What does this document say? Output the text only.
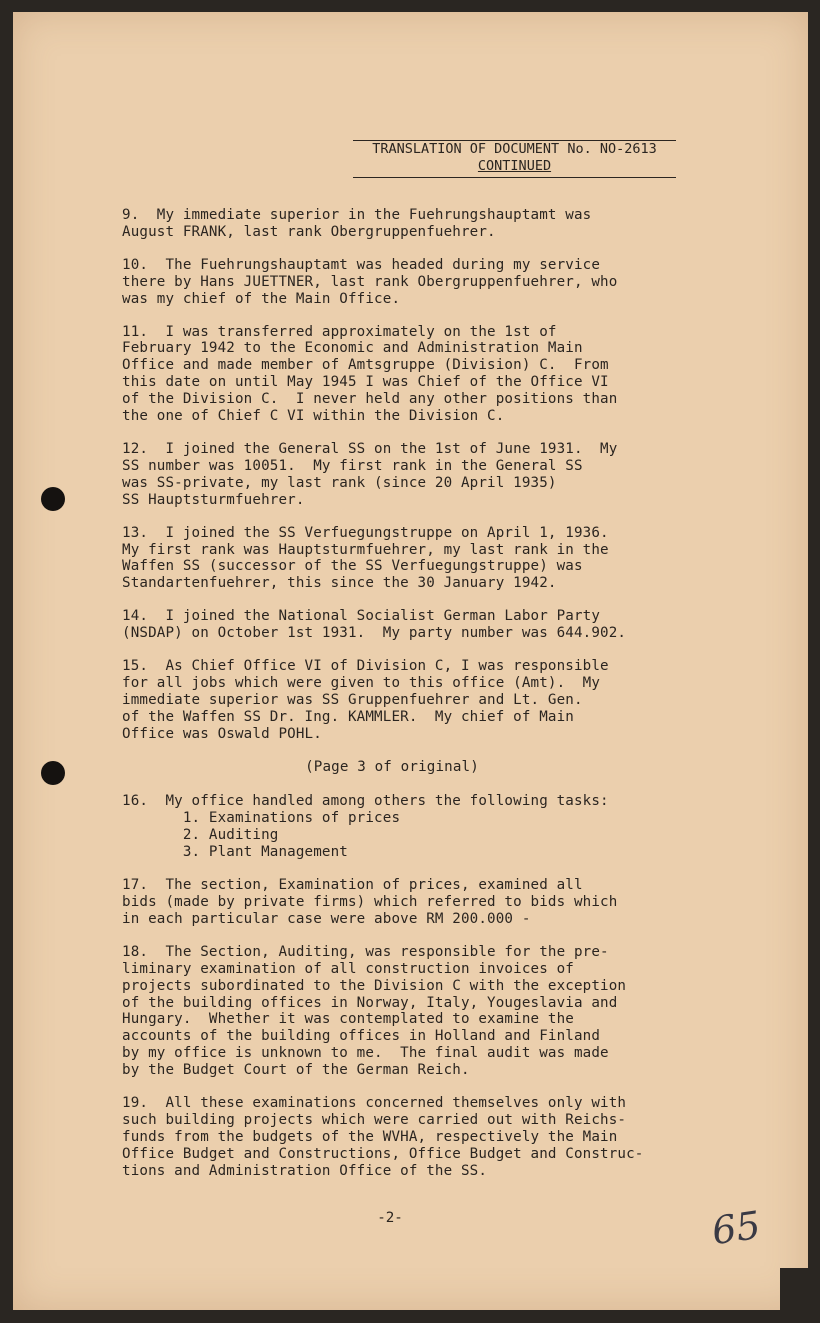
TRANSLATION OF DOCUMENT No. NO-2613
CONTINUED

9.  My immediate superior in the Fuehrungshauptamt was
August FRANK, last rank Obergruppenfuehrer.

10.  The Fuehrungshauptamt was headed during my service
there by Hans JUETTNER, last rank Obergruppenfuehrer, who
was my chief of the Main Office.

11.  I was transferred approximately on the 1st of
February 1942 to the Economic and Administration Main
Office and made member of Amtsgruppe (Division) C.  From
this date on until May 1945 I was Chief of the Office VI
of the Division C.  I never held any other positions than
the one of Chief C VI within the Division C.

12.  I joined the General SS on the 1st of June 1931.  My
SS number was 10051.  My first rank in the General SS
was SS-private, my last rank (since 20 April 1935)
SS Hauptsturmfuehrer.

13.  I joined the SS Verfuegungstruppe on April 1, 1936.
My first rank was Hauptsturmfuehrer, my last rank in the
Waffen SS (successor of the SS Verfuegungstruppe) was
Standartenfuehrer, this since the 30 January 1942.

14.  I joined the National Socialist German Labor Party
(NSDAP) on October 1st 1931.  My party number was 644.902.

15.  As Chief Office VI of Division C, I was responsible
for all jobs which were given to this office (Amt).  My
immediate superior was SS Gruppenfuehrer and Lt. Gen.
of the Waffen SS Dr. Ing. KAMMLER.  My chief of Main
Office was Oswald POHL.

(Page 3 of original)

16.  My office handled among others the following tasks:
1. Examinations of prices
2. Auditing
3. Plant Management

17.  The section, Examination of prices, examined all
bids (made by private firms) which referred to bids which
in each particular case were above RM 200.000 -

18.  The Section, Auditing, was responsible for the pre-
liminary examination of all construction invoices of
projects subordinated to the Division C with the exception
of the building offices in Norway, Italy, Yougeslavia and
Hungary.  Whether it was contemplated to examine the
accounts of the building offices in Holland and Finland
by my office is unknown to me.  The final audit was made
by the Budget Court of the German Reich.

19.  All these examinations concerned themselves only with
such building projects which were carried out with Reichs-
funds from the budgets of the WVHA, respectively the Main
Office Budget and Constructions, Office Budget and Construc-
tions and Administration Office of the SS.

-2-	65
